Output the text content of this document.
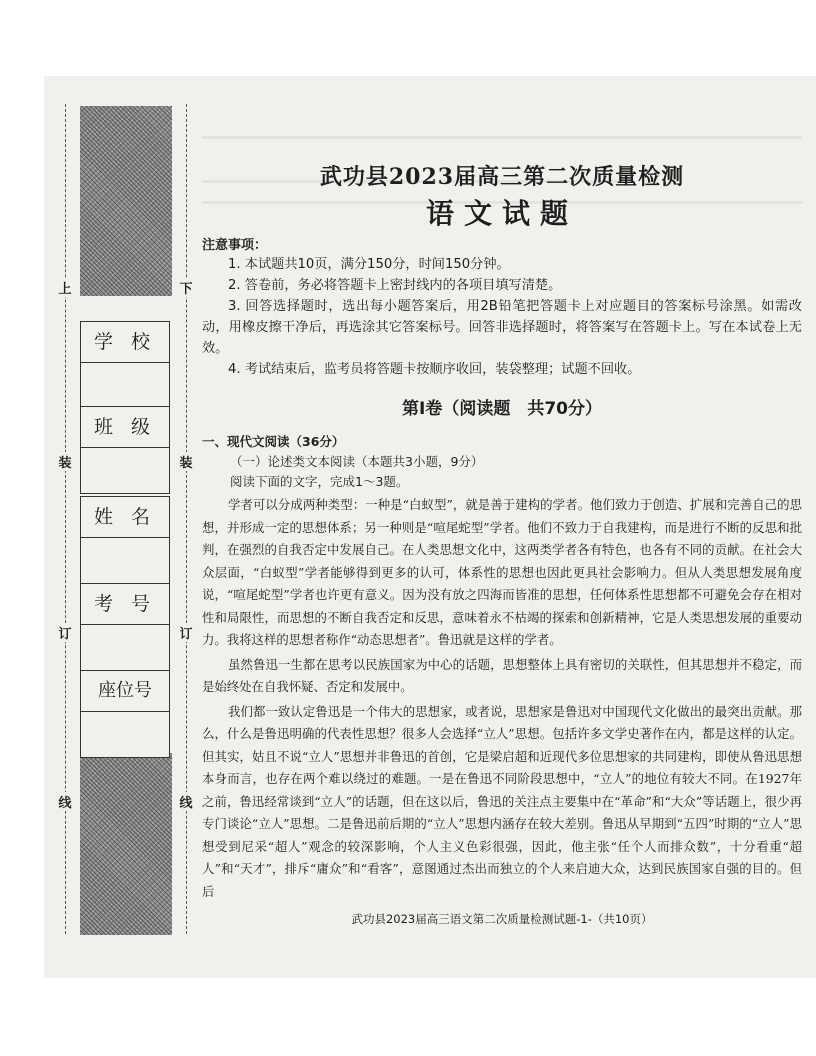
上	下
装	装
订	订
线	线
学 校
班 级
姓 名
考 号
座位号
武功县2023届高三第二次质量检测
语文试题
注意事项：

1. 本试题共10页，满分150分，时间150分钟。

2. 答卷前，务必将答题卡上密封线内的各项目填写清楚。

3. 回答选择题时，选出每小题答案后，用2B铅笔把答题卡上对应题目的答案标号涂黑。如需改动，用橡皮擦干净后，再选涂其它答案标号。回答非选择题时，将答案写在答题卡上。写在本试卷上无效。

4. 考试结束后，监考员将答题卡按顺序收回，装袋整理；试题不回收。

第Ⅰ卷（阅读题　共70分）
一、现代文阅读（36分）
（一）论述类文本阅读（本题共3小题，9分）
阅读下面的文字，完成1～3题。

学者可以分成两种类型：一种是“白蚁型”，就是善于建构的学者。他们致力于创造、扩展和完善自己的思想，并形成一定的思想体系；另一种则是“喧尾蛇型”学者。他们不致力于自我建构，而是进行不断的反思和批判，在强烈的自我否定中发展自己。在人类思想文化中，这两类学者各有特色，也各有不同的贡献。在社会大众层面，“白蚁型”学者能够得到更多的认可，体系性的思想也因此更具社会影响力。但从人类思想发展角度说，“喧尾蛇型”学者也许更有意义。因为没有放之四海而皆准的思想，任何体系性思想都不可避免会存在相对性和局限性，而思想的不断自我否定和反思，意味着永不枯竭的探索和创新精神，它是人类思想发展的重要动力。我将这样的思想者称作“动态思想者”。鲁迅就是这样的学者。

虽然鲁迅一生都在思考以民族国家为中心的话题，思想整体上具有密切的关联性，但其思想并不稳定，而是始终处在自我怀疑、否定和发展中。

我们都一致认定鲁迅是一个伟大的思想家，或者说，思想家是鲁迅对中国现代文化做出的最突出贡献。那么，什么是鲁迅明确的代表性思想？很多人会选择“立人”思想。包括许多文学史著作在内，都是这样的认定。但其实，姑且不说“立人”思想并非鲁迅的首创，它是梁启超和近现代多位思想家的共同建构，即使从鲁迅思想本身而言，也存在两个难以绕过的难题。一是在鲁迅不同阶段思想中，“立人”的地位有较大不同。在1927年之前，鲁迅经常谈到“立人”的话题，但在这以后，鲁迅的关注点主要集中在“革命”和“大众”等话题上，很少再专门谈论“立人”思想。二是鲁迅前后期的“立人”思想内涵存在较大差别。鲁迅从早期到“五四”时期的“立人”思想受到尼采“超人”观念的较深影响，个人主义色彩很强，因此，他主张“任个人而排众数”，十分看重“超人”和“天才”，排斥“庸众”和“看客”，意图通过杰出而独立的个人来启迪大众，达到民族国家自强的目的。但后

武功县2023届高三语文第二次质量检测试题-1-（共10页）
